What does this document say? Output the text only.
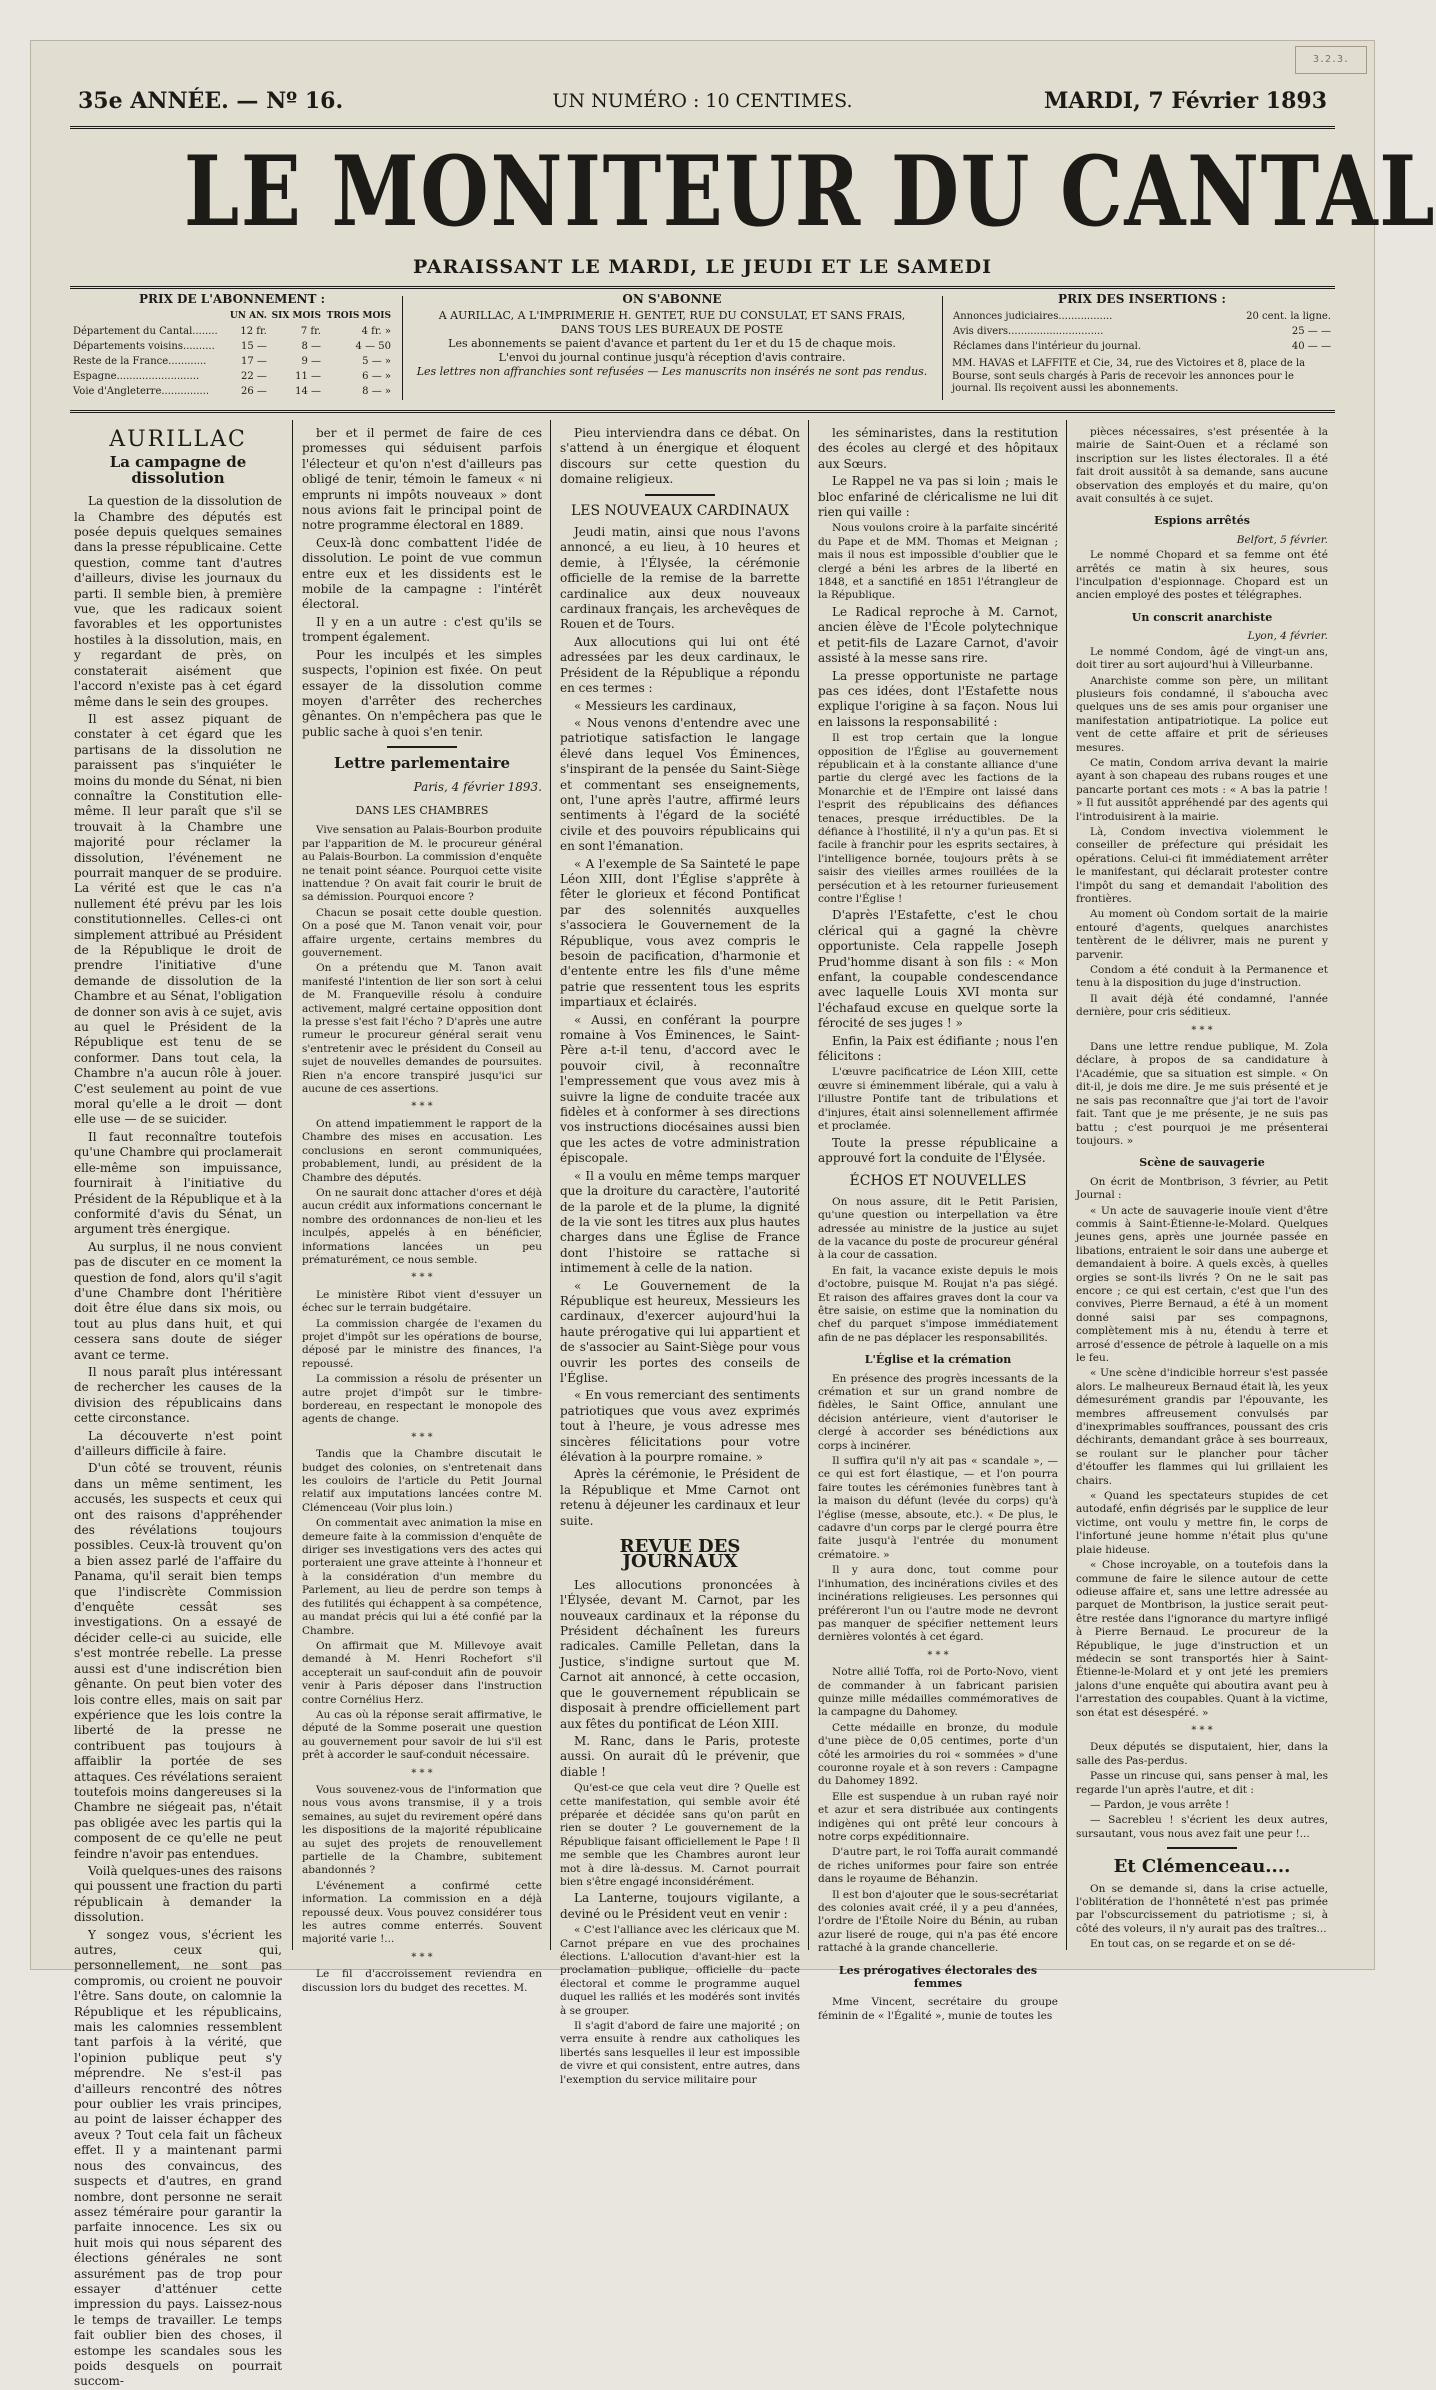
3.2.3.
35e ANNÉE. — Nº 16.	UN NUMÉRO : 10 CENTIMES.	MARDI, 7 Février 1893
LE MONITEUR DU CANTAL
PARAISSANT LE MARDI, LE JEUDI ET LE SAMEDI
PRIX DE L'ABONNEMENT :
	UN AN.	SIX MOIS	TROIS MOIS
Département du Cantal........	12 fr.	7 fr.	4 fr. »
Départements voisins..........	15 —	8 —	4 — 50
Reste de la France............	17 —	9 —	5 — »
Espagne..........................	22 —	11 —	6 — »
Voie d'Angleterre...............	26 —	14 —	8 — »
ON S'ABONNE
A AURILLAC, A L'IMPRIMERIE H. GENTET, RUE DU CONSULAT, ET SANS FRAIS,
DANS TOUS LES BUREAUX DE POSTE
Les abonnements se paient d'avance et partent du 1er et du 15 de chaque mois.
L'envoi du journal continue jusqu'à réception d'avis contraire.
Les lettres non affranchies sont refusées — Les manuscrits non insérés ne sont pas rendus.
PRIX DES INSERTIONS :
Annonces judiciaires.................	20 cent. la ligne.
Avis divers..............................	25 — —
Réclames dans l'intérieur du journal.	40 — —
MM. HAVAS et LAFFITE et Cie, 34, rue des Victoires et 8, place de la Bourse, sont seuls chargés à Paris de recevoir les annonces pour le journal. Ils reçoivent aussi les abonnements.
AURILLAC
La campagne de dissolution

La question de la dissolution de la Chambre des députés est posée depuis quelques semaines dans la presse républicaine. Cette question, comme tant d'autres d'ailleurs, divise les journaux du parti. Il semble bien, à première vue, que les radicaux soient favorables et les opportunistes hostiles à la dissolution, mais, en y regardant de près, on constaterait aisément que l'accord n'existe pas à cet égard même dans le sein des groupes.

Il est assez piquant de constater à cet égard que les partisans de la dissolution ne paraissent pas s'inquiéter le moins du monde du Sénat, ni bien connaître la Constitution elle-même. Il leur paraît que s'il se trouvait à la Chambre une majorité pour réclamer la dissolution, l'événement ne pourrait manquer de se produire. La vérité est que le cas n'a nullement été prévu par les lois constitutionnelles. Celles-ci ont simplement attribué au Président de la République le droit de prendre l'initiative d'une demande de dissolution de la Chambre et au Sénat, l'obligation de donner son avis à ce sujet, avis au quel le Président de la République est tenu de se conformer. Dans tout cela, la Chambre n'a aucun rôle à jouer. C'est seulement au point de vue moral qu'elle a le droit — dont elle use — de se suicider.

Il faut reconnaître toutefois qu'une Chambre qui proclamerait elle-même son impuissance, fournirait à l'initiative du Président de la République et à la conformité d'avis du Sénat, un argument très énergique.

Au surplus, il ne nous convient pas de discuter en ce moment la question de fond, alors qu'il s'agit d'une Chambre dont l'héritière doit être élue dans six mois, ou tout au plus dans huit, et qui cessera sans doute de siéger avant ce terme.

Il nous paraît plus intéressant de rechercher les causes de la division des républicains dans cette circonstance.

La découverte n'est point d'ailleurs difficile à faire.

D'un côté se trouvent, réunis dans un même sentiment, les accusés, les suspects et ceux qui ont des raisons d'appréhender des révélations toujours possibles. Ceux-là trouvent qu'on a bien assez parlé de l'affaire du Panama, qu'il serait bien temps que l'indiscrète Commission d'enquête cessât ses investigations. On a essayé de décider celle-ci au suicide, elle s'est montrée rebelle. La presse aussi est d'une indiscrétion bien gênante. On peut bien voter des lois contre elles, mais on sait par expérience que les lois contre la liberté de la presse ne contribuent pas toujours à affaiblir la portée de ses attaques. Ces révélations seraient toutefois moins dangereuses si la Chambre ne siégeait pas, n'était pas obligée avec les partis qui la composent de ce qu'elle ne peut feindre n'avoir pas entendues.

Voilà quelques-unes des raisons qui poussent une fraction du parti républicain à demander la dissolution.

Y songez vous, s'écrient les autres, ceux qui, personnellement, ne sont pas compromis, ou croient ne pouvoir l'être. Sans doute, on calomnie la République et les républicains, mais les calomnies ressemblent tant parfois à la vérité, que l'opinion publique peut s'y méprendre. Ne s'est-il pas d'ailleurs rencontré des nôtres pour oublier les vrais principes, au point de laisser échapper des aveux ? Tout cela fait un fâcheux effet. Il y a maintenant parmi nous des convaincus, des suspects et d'autres, en grand nombre, dont personne ne serait assez téméraire pour garantir la parfaite innocence. Les six ou huit mois qui nous séparent des élections générales ne sont assurément pas de trop pour essayer d'atténuer cette impression du pays. Laissez-nous le temps de travailler. Le temps fait oublier bien des choses, il estompe les scandales sous les poids desquels on pourrait succom-

ber et il permet de faire de ces promesses qui séduisent parfois l'électeur et qu'on n'est d'ailleurs pas obligé de tenir, témoin le fameux « ni emprunts ni impôts nouveaux » dont nous avions fait le principal point de notre programme électoral en 1889.

Ceux-là donc combattent l'idée de dissolution. Le point de vue commun entre eux et les dissidents est le mobile de la campagne : l'intérêt électoral.

Il y en a un autre : c'est qu'ils se trompent également.

Pour les inculpés et les simples suspects, l'opinion est fixée. On peut essayer de la dissolution comme moyen d'arrêter des recherches gênantes. On n'empêchera pas que le public sache à quoi s'en tenir.

Lettre parlementaire
Paris, 4 février 1893.
DANS LES CHAMBRES

Vive sensation au Palais-Bourbon produite par l'apparition de M. le procureur général au Palais-Bourbon. La commission d'enquête ne tenait point séance. Pourquoi cette visite inattendue ? On avait fait courir le bruit de sa démission. Pourquoi encore ?

Chacun se posait cette double question. On a posé que M. Tanon venait voir, pour affaire urgente, certains membres du gouvernement.

On a prétendu que M. Tanon avait manifesté l'intention de lier son sort à celui de M. Franqueville résolu à conduire activement, malgré certaine opposition dont la presse s'est fait l'écho ? D'après une autre rumeur le procureur général serait venu s'entretenir avec le président du Conseil au sujet de nouvelles demandes de poursuites. Rien n'a encore transpiré jusqu'ici sur aucune de ces assertions.

* * *

On attend impatiemment le rapport de la Chambre des mises en accusation. Les conclusions en seront communiquées, probablement, lundi, au président de la Chambre des députés.

On ne saurait donc attacher d'ores et déjà aucun crédit aux informations concernant le nombre des ordonnances de non-lieu et les inculpés, appelés à en bénéficier, informations lancées un peu prématurément, ce nous semble.

* * *

Le ministère Ribot vient d'essuyer un échec sur le terrain budgétaire.

La commission chargée de l'examen du projet d'impôt sur les opérations de bourse, déposé par le ministre des finances, l'a repoussé.

La commission a résolu de présenter un autre projet d'impôt sur le timbre-bordereau, en respectant le monopole des agents de change.

* * *

Tandis que la Chambre discutait le budget des colonies, on s'entretenait dans les couloirs de l'article du Petit Journal relatif aux imputations lancées contre M. Clémenceau (Voir plus loin.)

On commentait avec animation la mise en demeure faite à la commission d'enquête de diriger ses investigations vers des actes qui porteraient une grave atteinte à l'honneur et à la considération d'un membre du Parlement, au lieu de perdre son temps à des futilités qui échappent à sa compétence, au mandat précis qui lui a été confié par la Chambre.

On affirmait que M. Millevoye avait demandé à M. Henri Rochefort s'il accepterait un sauf-conduit afin de pouvoir venir à Paris déposer dans l'instruction contre Cornélius Herz.

Au cas où la réponse serait affirmative, le député de la Somme poserait une question au gouvernement pour savoir de lui s'il est prêt à accorder le sauf-conduit nécessaire.

* * *

Vous souvenez-vous de l'information que nous vous avons transmise, il y a trois semaines, au sujet du revirement opéré dans les dispositions de la majorité républicaine au sujet des projets de renouvellement partielle de la Chambre, subitement abandonnés ?

L'événement a confirmé cette information. La commission en a déjà repoussé deux. Vous pouvez considérer tous les autres comme enterrés. Souvent majorité varie !...

* * *

Le fil d'accroissement reviendra en discussion lors du budget des recettes. M.

Pieu interviendra dans ce débat. On s'attend à un énergique et éloquent discours sur cette question du domaine religieux.

LES NOUVEAUX CARDINAUX

Jeudi matin, ainsi que nous l'avons annoncé, a eu lieu, à 10 heures et demie, à l'Élysée, la cérémonie officielle de la remise de la barrette cardinalice aux deux nouveaux cardinaux français, les archevêques de Rouen et de Tours.

Aux allocutions qui lui ont été adressées par les deux cardinaux, le Président de la République a répondu en ces termes :

« Messieurs les cardinaux,

« Nous venons d'entendre avec une patriotique satisfaction le langage élevé dans lequel Vos Éminences, s'inspirant de la pensée du Saint-Siège et commentant ses enseignements, ont, l'une après l'autre, affirmé leurs sentiments à l'égard de la société civile et des pouvoirs républicains qui en sont l'émanation.

« A l'exemple de Sa Sainteté le pape Léon XIII, dont l'Église s'apprête à fêter le glorieux et fécond Pontificat par des solennités auxquelles s'associera le Gouvernement de la République, vous avez compris le besoin de pacification, d'harmonie et d'entente entre les fils d'une même patrie que ressentent tous les esprits impartiaux et éclairés.

« Aussi, en conférant la pourpre romaine à Vos Éminences, le Saint-Père a-t-il tenu, d'accord avec le pouvoir civil, à reconnaître l'empressement que vous avez mis à suivre la ligne de conduite tracée aux fidèles et à conformer à ses directions vos instructions diocésaines aussi bien que les actes de votre administration épiscopale.

« Il a voulu en même temps marquer que la droiture du caractère, l'autorité de la parole et de la plume, la dignité de la vie sont les titres aux plus hautes charges dans une Église de France dont l'histoire se rattache si intimement à celle de la nation.

« Le Gouvernement de la République est heureux, Messieurs les cardinaux, d'exercer aujourd'hui la haute prérogative qui lui appartient et de s'associer au Saint-Siège pour vous ouvrir les portes des conseils de l'Église.

« En vous remerciant des sentiments patriotiques que vous avez exprimés tout à l'heure, je vous adresse mes sincères félicitations pour votre élévation à la pourpre romaine. »

Après la cérémonie, le Président de la République et Mme Carnot ont retenu à déjeuner les cardinaux et leur suite.

REVUE DES JOURNAUX

Les allocutions prononcées à l'Élysée, devant M. Carnot, par les nouveaux cardinaux et la réponse du Président déchaînent les fureurs radicales. Camille Pelletan, dans la Justice, s'indigne surtout que M. Carnot ait annoncé, à cette occasion, que le gouvernement républicain se disposait à prendre officiellement part aux fêtes du pontificat de Léon XIII.

M. Ranc, dans le Paris, proteste aussi. On aurait dû le prévenir, que diable !

Qu'est-ce que cela veut dire ? Quelle est cette manifestation, qui semble avoir été préparée et décidée sans qu'on parût en rien se douter ? Le gouvernement de la République faisant officiellement le Pape ! Il me semble que les Chambres auront leur mot à dire là-dessus. M. Carnot pourrait bien s'être engagé inconsidérément.

La Lanterne, toujours vigilante, a deviné ou le Président veut en venir :

« C'est l'alliance avec les cléricaux que M. Carnot prépare en vue des prochaines élections. L'allocution d'avant-hier est la proclamation publique, officielle du pacte électoral et comme le programme auquel duquel les ralliés et les modérés sont invités à se grouper.

Il s'agit d'abord de faire une majorité ; on verra ensuite à rendre aux catholiques les libertés sans lesquelles il leur est impossible de vivre et qui consistent, entre autres, dans l'exemption du service militaire pour

les séminaristes, dans la restitution des écoles au clergé et des hôpitaux aux Sœurs.

Le Rappel ne va pas si loin ; mais le bloc enfariné de cléricalisme ne lui dit rien qui vaille :

Nous voulons croire à la parfaite sincérité du Pape et de MM. Thomas et Meignan ; mais il nous est impossible d'oublier que le clergé a béni les arbres de la liberté en 1848, et a sanctifié en 1851 l'étrangleur de la République.

Le Radical reproche à M. Carnot, ancien élève de l'École polytechnique et petit-fils de Lazare Carnot, d'avoir assisté à la messe sans rire.

La presse opportuniste ne partage pas ces idées, dont l'Estafette nous explique l'origine à sa façon. Nous lui en laissons la responsabilité :

Il est trop certain que la longue opposition de l'Église au gouvernement républicain et à la constante alliance d'une partie du clergé avec les factions de la Monarchie et de l'Empire ont laissé dans l'esprit des républicains des défiances tenaces, presque irréductibles. De la défiance à l'hostilité, il n'y a qu'un pas. Et si facile à franchir pour les esprits sectaires, à l'intelligence bornée, toujours prêts à se saisir des vieilles armes rouillées de la persécution et à les retourner furieusement contre l'Église !

D'après l'Estafette, c'est le chou clérical qui a gagné la chèvre opportuniste. Cela rappelle Joseph Prud'homme disant à son fils : « Mon enfant, la coupable condescendance avec laquelle Louis XVI monta sur l'échafaud excuse en quelque sorte la férocité de ses juges ! »

Enfin, la Paix est édifiante ; nous l'en félicitons :

L'œuvre pacificatrice de Léon XIII, cette œuvre si éminemment libérale, qui a valu à l'illustre Pontife tant de tribulations et d'injures, était ainsi solennellement affirmée et proclamée.

Toute la presse républicaine a approuvé fort la conduite de l'Élysée.

ÉCHOS ET NOUVELLES

On nous assure, dit le Petit Parisien, qu'une question ou interpellation va être adressée au ministre de la justice au sujet de la vacance du poste de procureur général à la cour de cassation.

En fait, la vacance existe depuis le mois d'octobre, puisque M. Roujat n'a pas siégé. Et raison des affaires graves dont la cour va être saisie, on estime que la nomination du chef du parquet s'impose immédiatement afin de ne pas déplacer les responsabilités.

L'Église et la crémation

En présence des progrès incessants de la crémation et sur un grand nombre de fidèles, le Saint Office, annulant une décision antérieure, vient d'autoriser le clergé à accorder ses bénédictions aux corps à incinérer.

Il suffira qu'il n'y ait pas « scandale », — ce qui est fort élastique, — et l'on pourra faire toutes les cérémonies funèbres tant à la maison du défunt (levée du corps) qu'à l'église (messe, absoute, etc.). « De plus, le cadavre d'un corps par le clergé pourra être faite jusqu'à l'entrée du monument crématoire. »

Il y aura donc, tout comme pour l'inhumation, des incinérations civiles et des incinérations religieuses. Les personnes qui préféreront l'un ou l'autre mode ne devront pas manquer de spécifier nettement leurs dernières volontés à cet égard.

* * *

Notre allié Toffa, roi de Porto-Novo, vient de commander à un fabricant parisien quinze mille médailles commémoratives de la campagne du Dahomey.

Cette médaille en bronze, du module d'une pièce de 0,05 centimes, porte d'un côté les armoiries du roi « sommées » d'une couronne royale et à son revers : Campagne du Dahomey 1892.

Elle est suspendue à un ruban rayé noir et azur et sera distribuée aux contingents indigènes qui ont prêté leur concours à notre corps expéditionnaire.

D'autre part, le roi Toffa aurait commandé de riches uniformes pour faire son entrée dans le royaume de Béhanzin.

Il est bon d'ajouter que le sous-secrétariat des colonies avait créé, il y a peu d'années, l'ordre de l'Étoile Noire du Bénin, au ruban azur liseré de rouge, qui n'a pas été encore rattaché à la grande chancellerie.

Les prérogatives électorales des femmes

Mme Vincent, secrétaire du groupe féminin de « l'Égalité », munie de toutes les

pièces nécessaires, s'est présentée à la mairie de Saint-Ouen et a réclamé son inscription sur les listes électorales. Il a été fait droit aussitôt à sa demande, sans aucune observation des employés et du maire, qu'on avait consultés à ce sujet.

Espions arrêtés
Belfort, 5 février.

Le nommé Chopard et sa femme ont été arrêtés ce matin à six heures, sous l'inculpation d'espionnage. Chopard est un ancien employé des postes et télégraphes.

Un conscrit anarchiste
Lyon, 4 février.

Le nommé Condom, âgé de vingt-un ans, doit tirer au sort aujourd'hui à Villeurbanne.

Anarchiste comme son père, un militant plusieurs fois condamné, il s'aboucha avec quelques uns de ses amis pour organiser une manifestation antipatriotique. La police eut vent de cette affaire et prit de sérieuses mesures.

Ce matin, Condom arriva devant la mairie ayant à son chapeau des rubans rouges et une pancarte portant ces mots : « A bas la patrie ! » Il fut aussitôt appréhendé par des agents qui l'introduisirent à la mairie.

Là, Condom invectiva violemment le conseiller de préfecture qui présidait les opérations. Celui-ci fit immédiatement arrêter le manifestant, qui déclarait protester contre l'impôt du sang et demandait l'abolition des frontières.

Au moment où Condom sortait de la mairie entouré d'agents, quelques anarchistes tentèrent de le délivrer, mais ne purent y parvenir.

Condom a été conduit à la Permanence et tenu à la disposition du juge d'instruction.

Il avait déjà été condamné, l'année dernière, pour cris séditieux.

* * *

Dans une lettre rendue publique, M. Zola déclare, à propos de sa candidature à l'Académie, que sa situation est simple. « On dit-il, je dois me dire. Je me suis présenté et je ne sais pas reconnaître que j'ai tort de l'avoir fait. Tant que je me présente, je ne suis pas battu ; c'est pourquoi je me présenterai toujours. »

Scène de sauvagerie

On écrit de Montbrison, 3 février, au Petit Journal :

« Un acte de sauvagerie inouïe vient d'être commis à Saint-Étienne-le-Molard. Quelques jeunes gens, après une journée passée en libations, entraient le soir dans une auberge et demandaient à boire. A quels excès, à quelles orgies se sont-ils livrés ? On ne le sait pas encore ; ce qui est certain, c'est que l'un des convives, Pierre Bernaud, a été à un moment donné saisi par ses compagnons, complètement mis à nu, étendu à terre et arrosé d'essence de pétrole à laquelle on a mis le feu.

« Une scène d'indicible horreur s'est passée alors. Le malheureux Bernaud était là, les yeux démesurément grandis par l'épouvante, les membres affreusement convulsés par d'inexprimables souffrances, poussant des cris déchirants, demandant grâce à ses bourreaux, se roulant sur le plancher pour tâcher d'étouffer les flammes qui lui grillaient les chairs.

« Quand les spectateurs stupides de cet autodafé, enfin dégrisés par le supplice de leur victime, ont voulu y mettre fin, le corps de l'infortuné jeune homme n'était plus qu'une plaie hideuse.

« Chose incroyable, on a toutefois dans la commune de faire le silence autour de cette odieuse affaire et, sans une lettre adressée au parquet de Montbrison, la justice serait peut-être restée dans l'ignorance du martyre infligé à Pierre Bernaud. Le procureur de la République, le juge d'instruction et un médecin se sont transportés hier à Saint-Étienne-le-Molard et y ont jeté les premiers jalons d'une enquête qui aboutira avant peu à l'arrestation des coupables. Quant à la victime, son état est désespéré. »

* * *

Deux députés se disputaient, hier, dans la salle des Pas-perdus.

Passe un rincuse qui, sans penser à mal, les regarde l'un après l'autre, et dit :

— Pardon, je vous arrête !

— Sacrebleu ! s'écrient les deux autres, sursautant, vous nous avez fait une peur !...

Et Clémenceau....

On se demande si, dans la crise actuelle, l'oblitération de l'honnêteté n'est pas primée par l'obscurcissement du patriotisme ; si, à côté des voleurs, il n'y aurait pas des traîtres...

En tout cas, on se regarde et on se dé-
